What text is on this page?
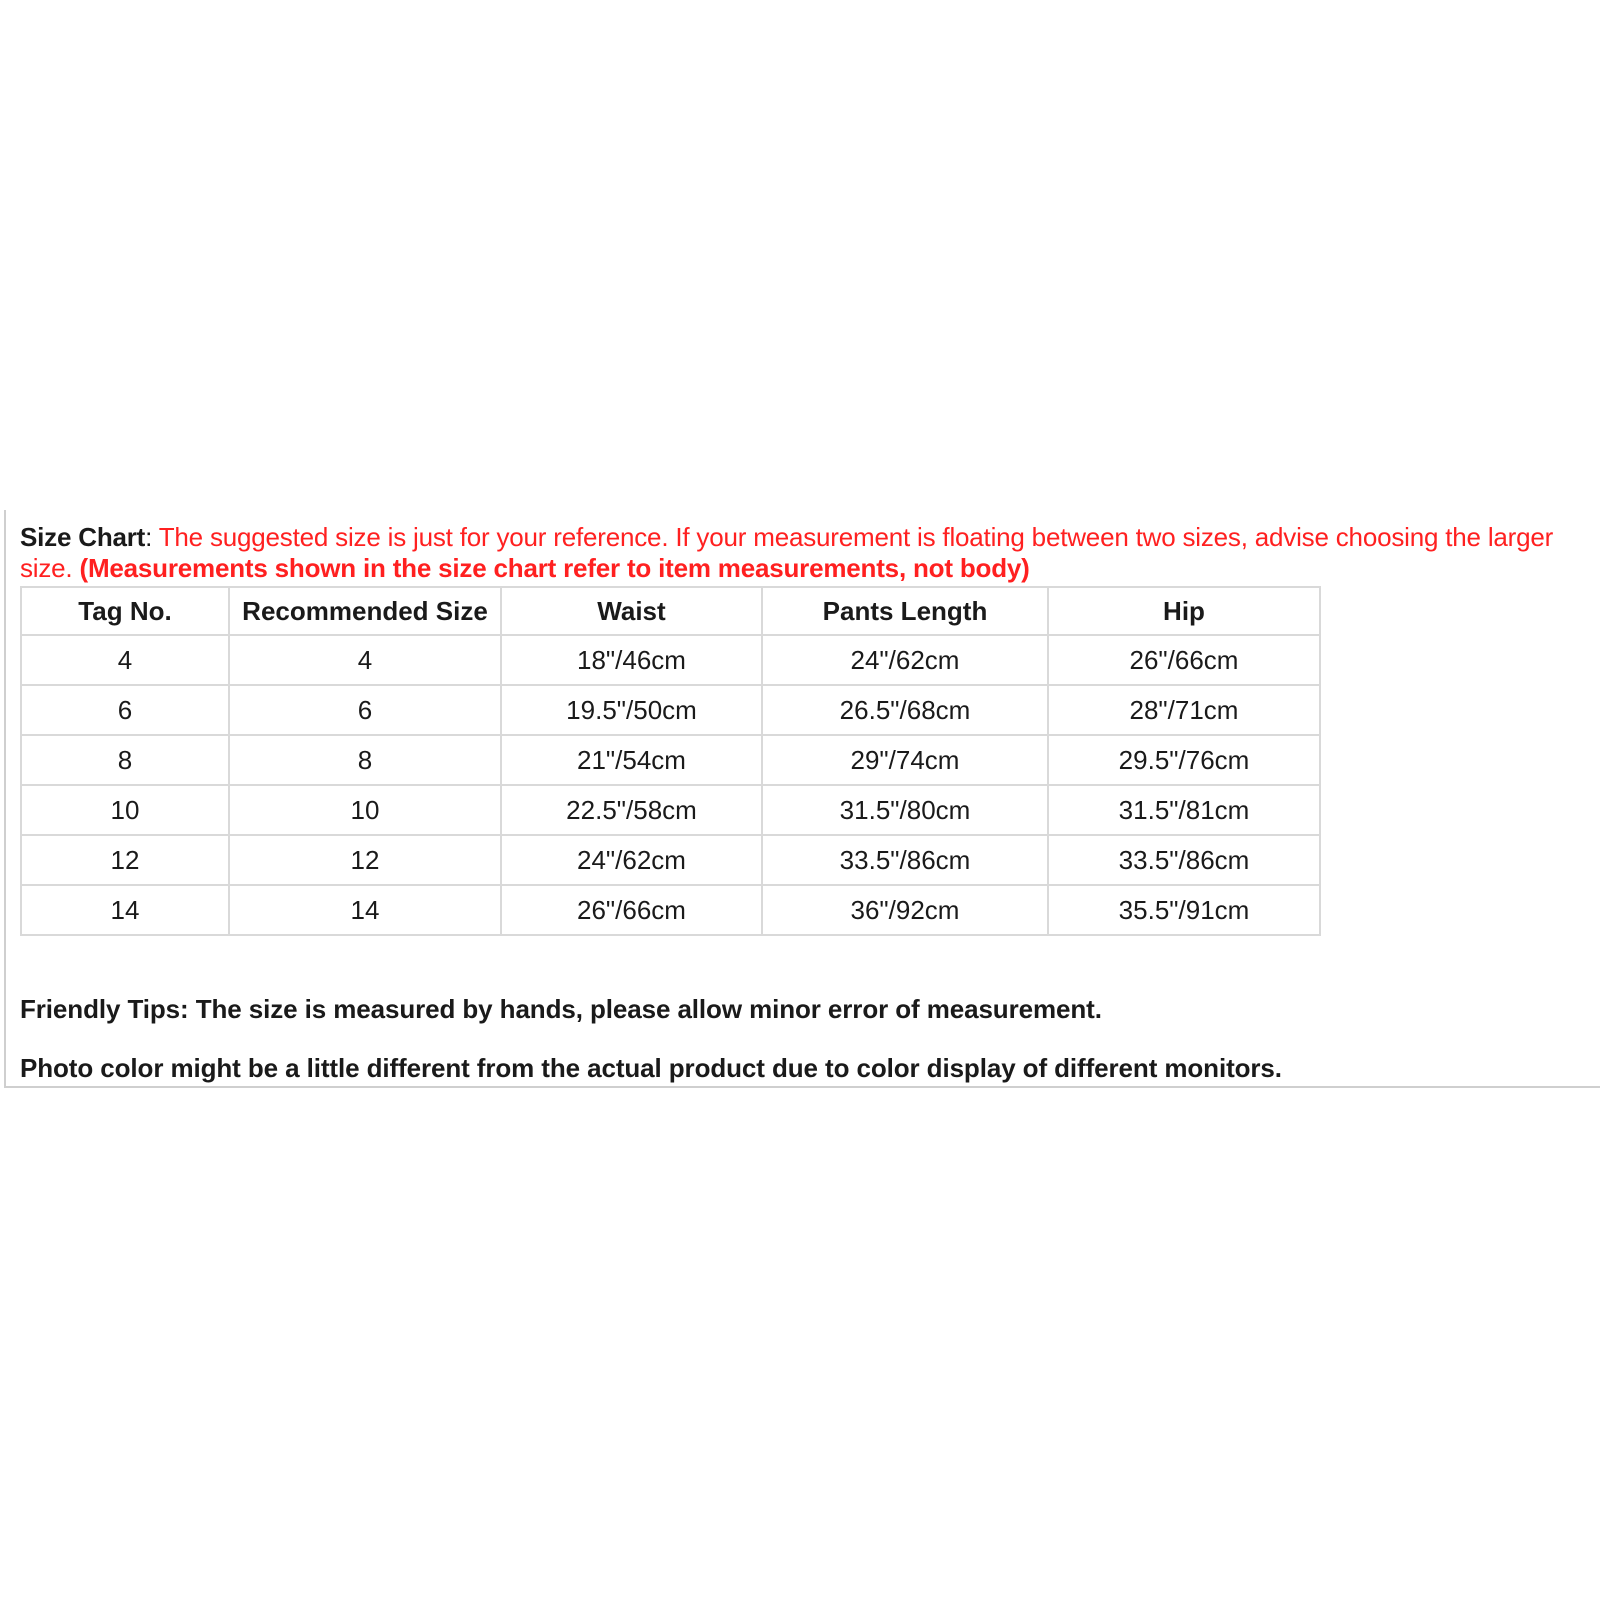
Size Chart: The suggested size is just for your reference. If your measurement is floating between two sizes, advise choosing the larger size. (Measurements shown in the size chart refer to item measurements, not body)
Tag No.	Recommended Size	Waist	Pants Length	Hip
4	4	18"/46cm	24"/62cm	26"/66cm
6	6	19.5"/50cm	26.5"/68cm	28"/71cm
8	8	21"/54cm	29"/74cm	29.5"/76cm
10	10	22.5"/58cm	31.5"/80cm	31.5"/81cm
12	12	24"/62cm	33.5"/86cm	33.5"/86cm
14	14	26"/66cm	36"/92cm	35.5"/91cm
Friendly Tips: The size is measured by hands, please allow minor error of measurement.
Photo color might be a little different from the actual product due to color display of different monitors.
